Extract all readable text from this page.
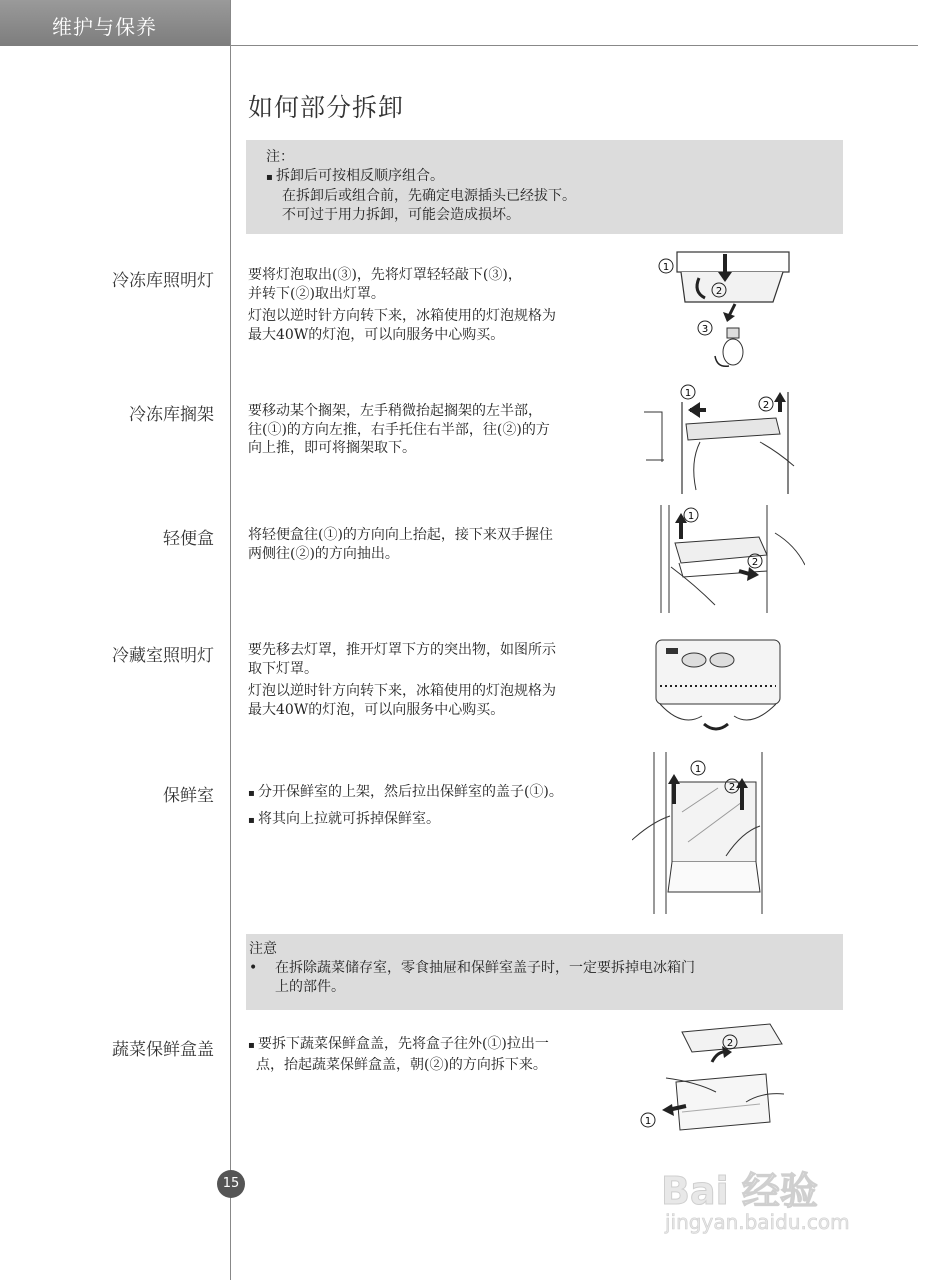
维护与保养
如何部分拆卸
注：
▪ 拆卸后可按相反顺序组合。
在拆卸后或组合前，先确定电源插头已经拔下。
不可过于用力拆卸，可能会造成损坏。
冷冻库照明灯 要将灯泡取出(③)，先将灯罩轻轻敲下(③)，
并转下(②)取出灯罩。

灯泡以逆时针方向转下来，冰箱使用的灯泡规格为
最大40W的灯泡，可以向服务中心购买。

1
2
3
冷冻库搁架 要移动某个搁架，左手稍微抬起搁架的左半部，
往(①)的方向左推，右手托住右半部，往(②)的方
向上推，即可将搁架取下。

1
2
轻便盒 将轻便盒往(①)的方向向上抬起，接下来双手握住
两侧往(②)的方向抽出。

1
2
冷藏室照明灯 要先移去灯罩，推开灯罩下方的突出物，如图所示
取下灯罩。

灯泡以逆时针方向转下来，冰箱使用的灯泡规格为
最大40W的灯泡，可以向服务中心购买。

保鲜室	▪ 分开保鲜室的上架，然后拉出保鲜室的盖子(①)。

▪ 将其向上拉就可拆掉保鲜室。

1
2
注意
•	在拆除蔬菜储存室，零食抽屉和保鲜室盖子时，一定要拆掉电冰箱门
上的部件。
蔬菜保鲜盒盖	▪ 要拆下蔬菜保鲜盒盖，先将盒子往外(①)拉出一
点，抬起蔬菜保鲜盒盖，朝(②)的方向拆下来。

2
1
15	Bai 经验
jingyan.baidu.com
